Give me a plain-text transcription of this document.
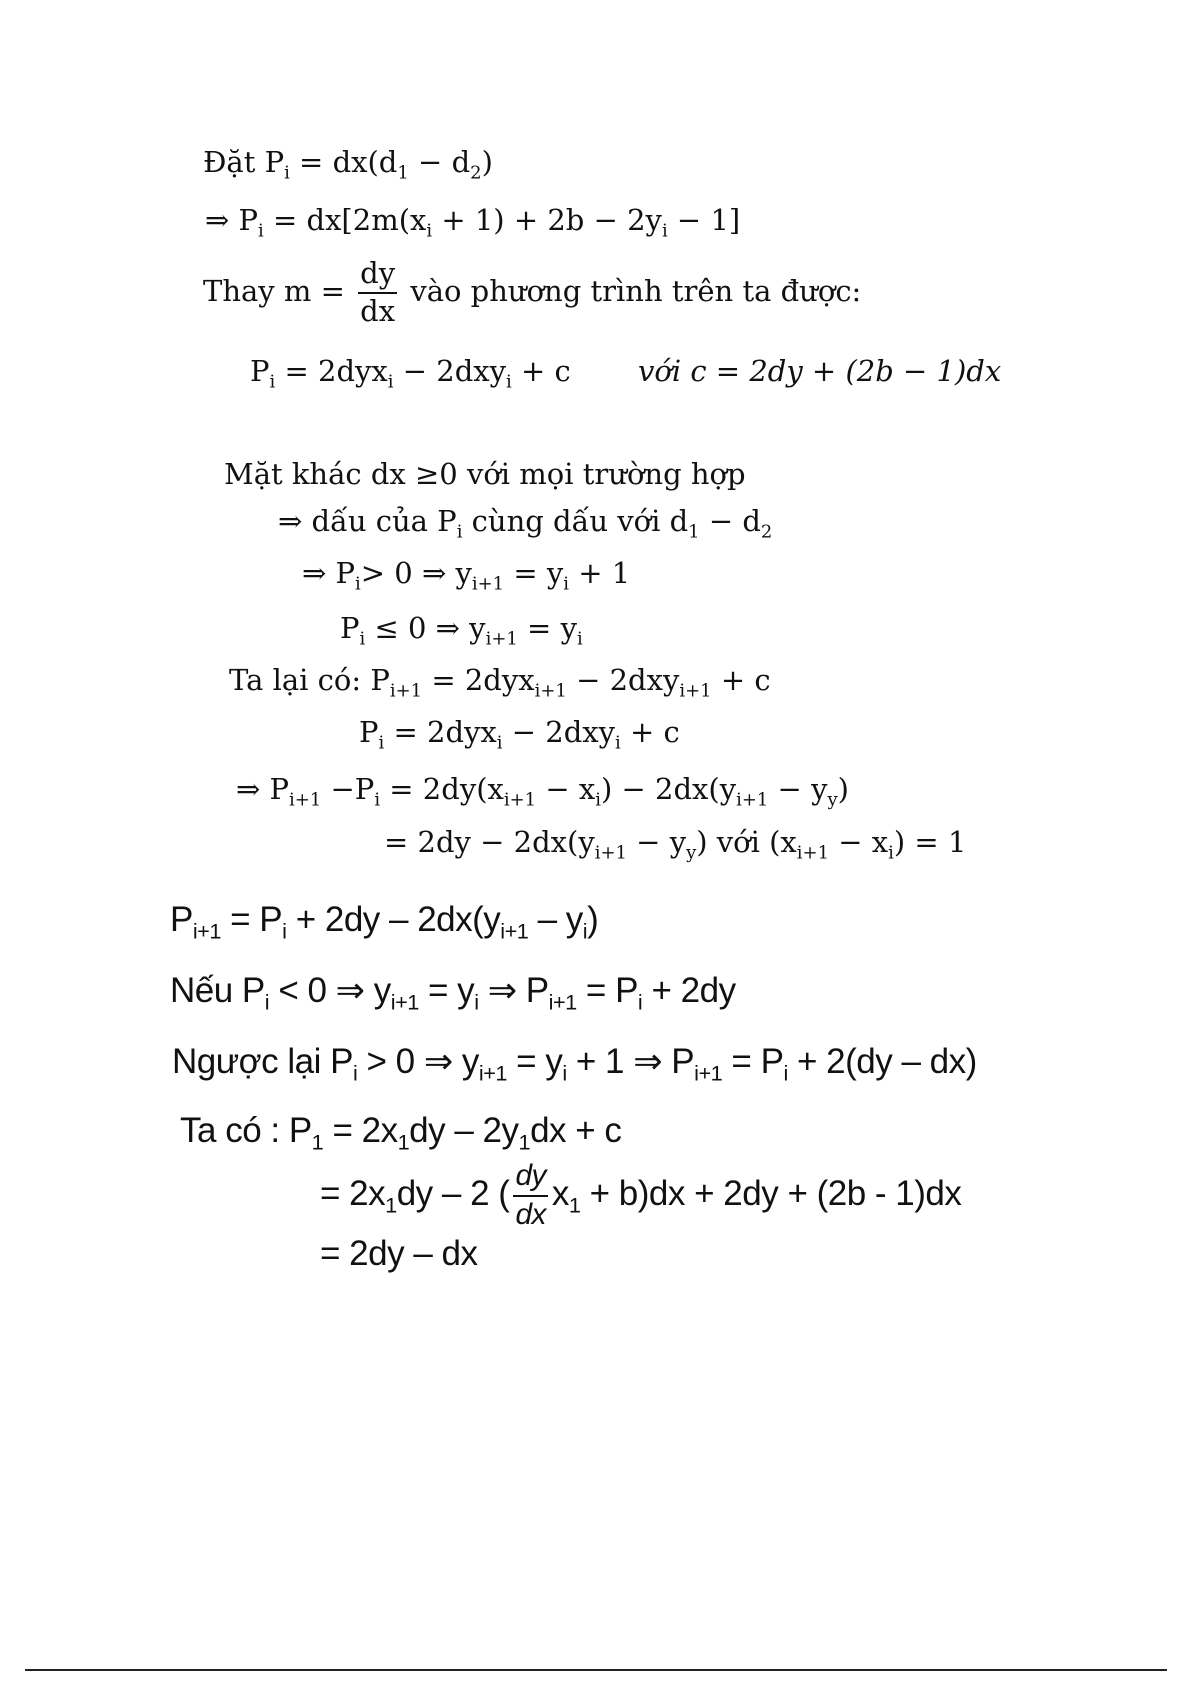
Đặt $P_i = dx(d_1 - d_2)$
⇒ $P_i = dx[2m(x_i + 1) + 2b - 2y_i - 1]$
Thay $m = \frac{dy}{dx}$ vào phương trình trên ta được:
$P_i = 2dyx_i - 2dxy_i + c$ với c = 2dy + (2b − 1)dx
Mặt khác dx ≥0 với mọi trường hợp
⇒ dấu của $P_i$ cùng dấu với $d_1 - d_2$
⇒ $P_i> 0$ ⇒ $y_{i+1} = y_i + 1$
$P_i \le 0$ ⇒ $y_{i+1} = y_i$
Ta lại có: $P_{i+1} = 2dyx_{i+1} - 2dxy_{i+1} + c$
$P_i = 2dyx_i - 2dxy_i + c$
⇒ $P_{i+1} -P_i = 2dy(x_{i+1} - x_i) - 2dx(y_{i+1} - y_y)$
= $2dy - 2dx(y_{i+1} - y_y)$ với $(x_{i+1} - x_i) = 1$
$P_{i+1} = P_i + 2dy - 2dx(y_{i+1} - y_i)$
Nếu $P_i < 0$ ⇒ $y_{i+1} = y_i$ ⇒ $P_{i+1} = P_i + 2dy$
Ngược lại $P_i > 0$ ⇒ $y_{i+1} = y_i + 1$ ⇒ $P_{i+1} = P_i + 2(dy - dx)$
Ta có : $P_1 = 2x_1dy - 2y_1dx + c$
= $2x_1dy - 2$ ( $\frac{dy}{dx} x_1 + b)dx + 2dy + (2b - 1)dx$
= 2dy – dx
